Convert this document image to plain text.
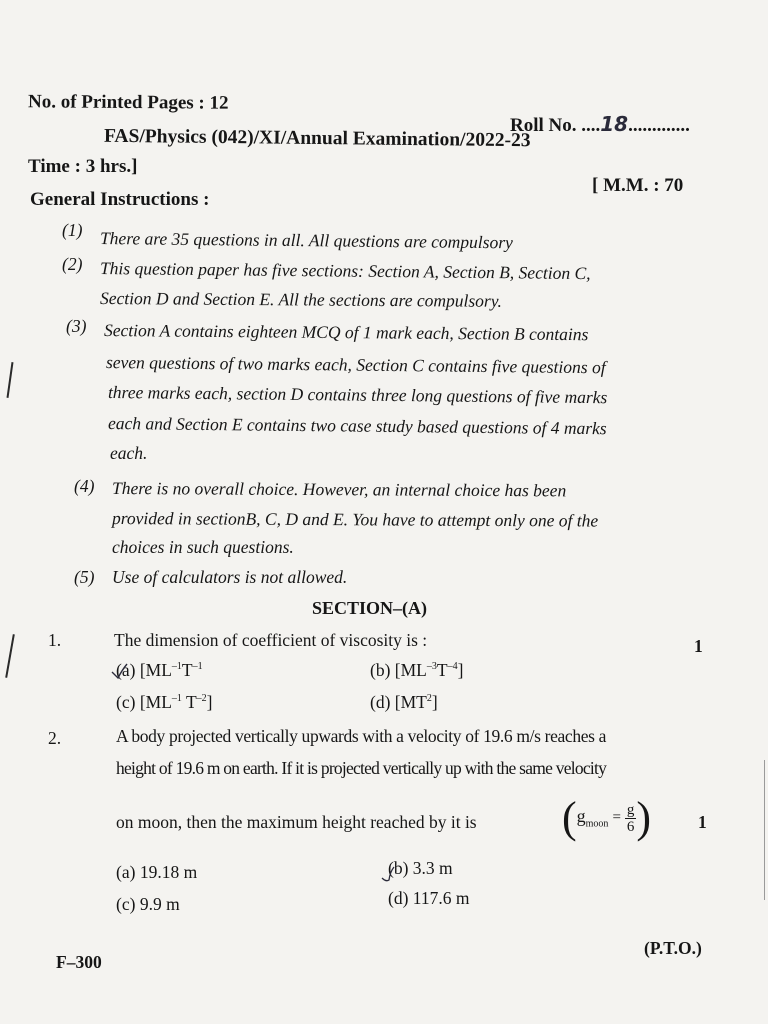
No. of Printed Pages : 12
Roll No. ....18.............
FAS/Physics (042)/XI/Annual Examination/2022-23
Time : 3 hrs.]
[ M.M. : 70
General Instructions :
(1) There are 35 questions in all. All questions are compulsory
(2) This question paper has five sections: Section A, Section B, Section C,
Section D and Section E. All the sections are compulsory.
(3) Section A contains eighteen MCQ of 1 mark each, Section B contains
seven questions of two marks each, Section C contains five questions of
three marks each, section D contains three long questions of five marks
each and Section E contains two case study based questions of 4 marks
each.
(4) There is no overall choice. However, an internal choice has been
provided in sectionB, C, D and E. You have to attempt only one of the
choices in such questions.
(5) Use of calculators is not allowed.
SECTION–(A)
1.	The dimension of coefficient of viscosity is :	1
(a) [$ML^{-1}T^{-1}$	(b) $[ML^{-3}T^{-4}]$
(c) [$ML^{-1}$ $T^{-2}$]	(d) $[MT^2]$
2.	A body projected vertically upwards with a velocity of 19.6 m/s reaches a
height of 19.6 m on earth. If it is projected vertically up with the same velocity
on moon, then the maximum height reached by it is ($g_{moon} = \frac{g}{6}$ )	1
(a) 19.18 m	(b) 3.3 m
(c) 9.9 m	(d) 117.6 m
F–300
(P.T.O.)
